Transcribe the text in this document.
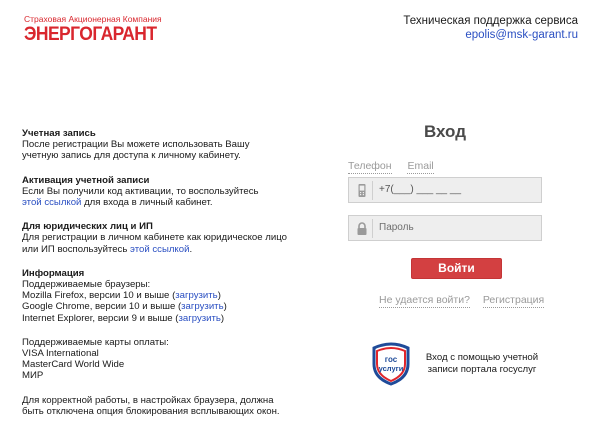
Страховая Акционерная Компания
ЭНЕРГОГАРАНТ
Техническая поддержка сервиса
epolis@msk-garant.ru

Учетная запись

После регистрации Вы можете использовать Вашу

учетную запись для доступа к личному кабинету.

Активация учетной записи

Если Вы получили код активации, то воспользуйтесь

этой ссылкой для входа в личный кабинет.

Для юридических лиц и ИП

Для регистрации в личном кабинете как юридическое лицо

или ИП воспользуйтесь этой ссылкой.

Информация

Поддерживаемые браузеры:

Mozilla Firefox, версии 10 и выше (загрузить)

Google Chrome, версии 10 и выше (загрузить)

Internet Explorer, версии 9 и выше (загрузить)

Поддерживаемые карты оплаты:

VISA International

MasterCard World Wide

МИР

Для корректной работы, в настройках браузера, должна

быть отключена опция блокирования всплывающих окон.

Вход
Телефон Email
+7(___) ___ __ __
Пароль
Войти
Не удается войти? Регистрация
гос
услуги
Вход с помощью учетной
записи портала госуслуг
